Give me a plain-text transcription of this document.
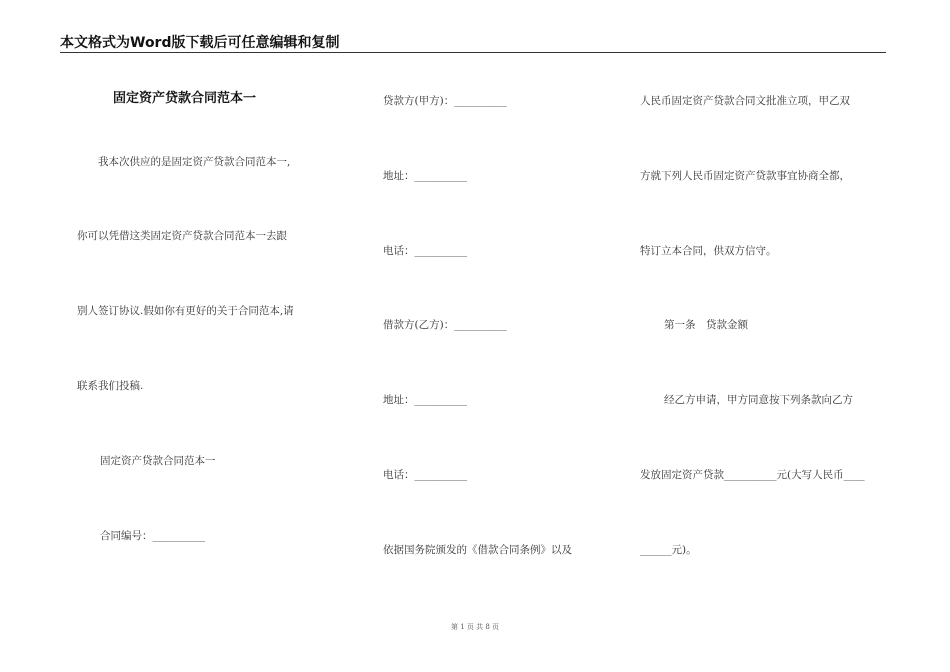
本文格式为Word版下载后可任意编辑和复制
固定资产贷款合同范本一
我本次供应的是固定资产贷款合同范本一,
你可以凭借这类固定资产贷款合同范本一去跟
别人签订协议.假如你有更好的关于合同范本,请
联系我们投稿.
固定资产贷款合同范本一
合同编号：__________
贷款方(甲方)：__________
地址：__________
电话：__________
借款方(乙方)：__________
地址：__________
电话：__________
依据国务院颁发的《借款合同条例》以及
人民币固定资产贷款合同文批准立项，甲乙双
方就下列人民币固定资产贷款事宜协商全都，
特订立本合同，供双方信守。
第一条　贷款金额
经乙方申请，甲方同意按下列条款向乙方
发放固定资产贷款__________元(大写人民币____
______元)。
第 1 页 共 8 页
